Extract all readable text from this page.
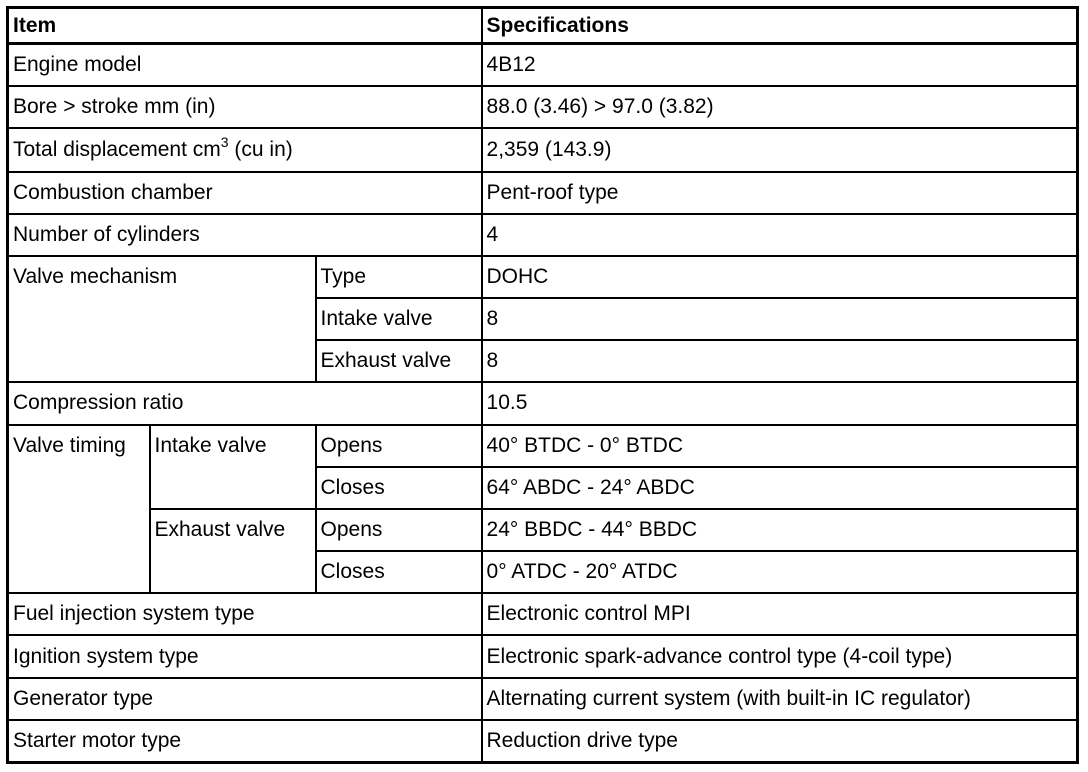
Item			Specifications
Engine model			4B12
Bore > stroke mm (in)			88.0 (3.46) > 97.0 (3.82)
Total displacement $cm^3$ (cu in)			2,359 (143.9)
Combustion chamber			Pent-roof type
Number of cylinders			4
Valve mechanism		Type	DOHC
		Intake valve	8
		Exhaust valve	8
Compression ratio			10.5
Valve timing	Intake valve	Opens	40° BTDC - 0° BTDC
		Closes	64° ABDC - 24° ABDC
	Exhaust valve	Opens	24° BBDC - 44° BBDC
		Closes	0° ATDC - 20° ATDC
Fuel injection system type			Electronic control MPI
Ignition system type			Electronic spark-advance control type (4-coil type)
Generator type			Alternating current system (with built-in IC regulator)
Starter motor type			Reduction drive type
